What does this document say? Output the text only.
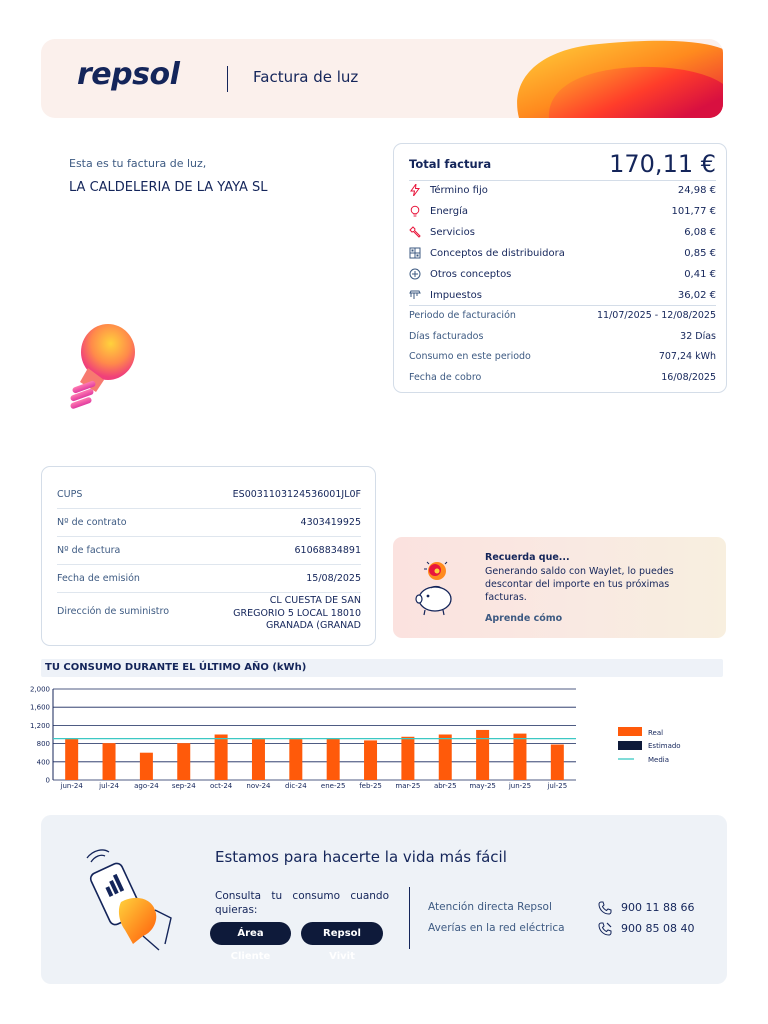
repsol	Factura de luz
Esta es tu factura de luz,
LA CALDELERIA DE LA YAYA SL
Total factura	170,11 €
Término fijo	24,98 €
Energía	101,77 €
Servicios	6,08 €
Conceptos de distribuidora	0,85 €
Otros conceptos	0,41 €
Impuestos	36,02 €
Periodo de facturación	11/07/2025 - 12/08/2025
Días facturados	32 Días
Consumo en este periodo	707,24 kWh
Fecha de cobro	16/08/2025
CUPS	ES0031103124536001JL0F
Nº de contrato	4303419925
Nº de factura	61068834891
Fecha de emisión	15/08/2025
Dirección de suministro
CL CUESTA DE SAN
GREGORIO 5 LOCAL 18010
GRANADA (GRANAD
Recuerda que...
Generando saldo con Waylet, lo puedes descontar del importe en tus próximas facturas.
Aprende cómo
TU CONSUMO DURANTE EL ÚLTIMO AÑO (kWh)
0
400
800
1,200
1,600
2,000
jun-24 jul-24 ago-24 sep-24 oct-24 nov-24 dic-24 ene-25 feb-25 mar-25 abr-25 may-25 jun-25 jul-25
Real
Estimado
Media
Estamos para hacerte la vida más fácil
Consulta tu consumo cuando quieras:
Área Cliente
Repsol Vivit
Atención directa Repsol	900 11 88 66
Averías en la red eléctrica	900 85 08 40
